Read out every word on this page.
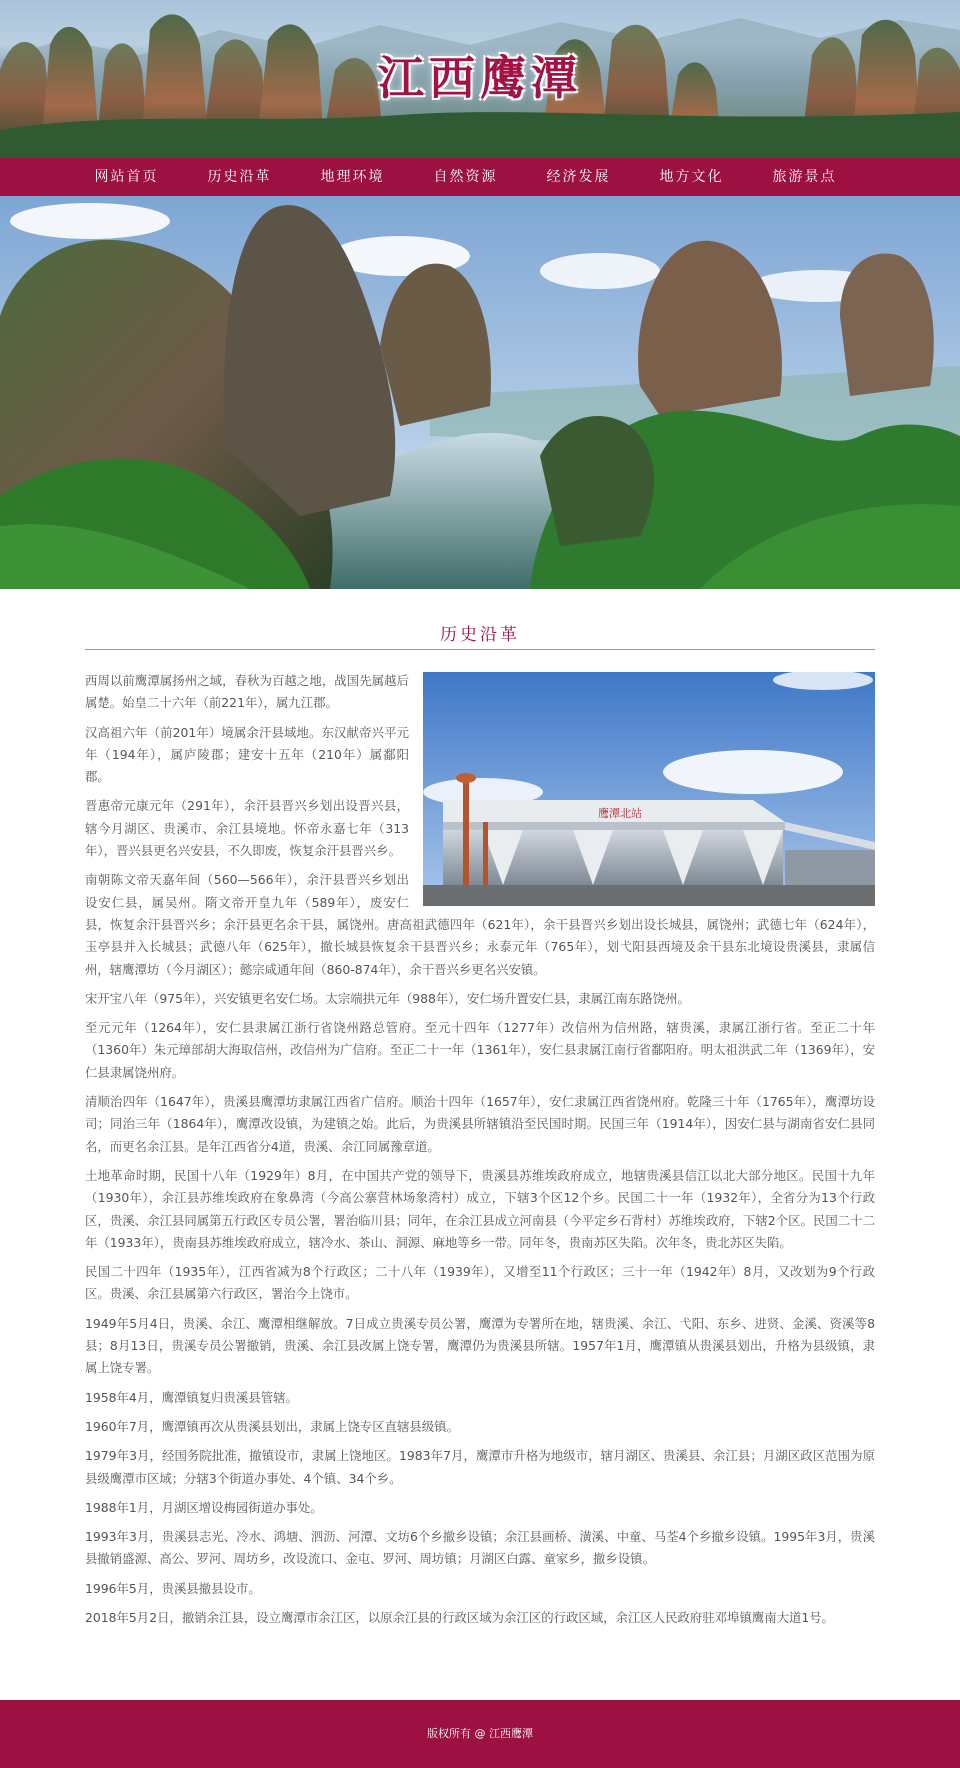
江西鹰潭
网站首页	历史沿革	地理环境	自然资源	经济发展	地方文化	旅游景点
历史沿革
鹰潭北站

西周以前鹰潭属扬州之域，春秋为百越之地，战国先属越后属楚。始皇二十六年（前221年），属九江郡。

汉高祖六年（前201年）境属余汗县域地。东汉献帝兴平元年（194年），属庐陵郡；建安十五年（210年）属鄱阳郡。

晋惠帝元康元年（291年），余汗县晋兴乡划出设晋兴县，辖今月湖区、贵溪市、余江县境地。怀帝永嘉七年（313年），晋兴县更名兴安县，不久即废，恢复余汗县晋兴乡。

南朝陈文帝天嘉年间（560—566年），余汗县晋兴乡划出设安仁县，属吴州。隋文帝开皇九年（589年），废安仁县，恢复余汗县晋兴乡；余汗县更名余干县，属饶州。唐高祖武德四年（621年），余干县晋兴乡划出设长城县，属饶州；武德七年（624年），玉亭县并入长城县；武德八年（625年），撤长城县恢复余干县晋兴乡；永泰元年（765年），划弋阳县西境及余干县东北境设贵溪县，隶属信州，辖鹰潭坊（今月湖区）；懿宗咸通年间（860-874年），余干晋兴乡更名兴安镇。

宋开宝八年（975年），兴安镇更名安仁场。太宗端拱元年（988年），安仁场升置安仁县，隶属江南东路饶州。

至元元年（1264年），安仁县隶属江浙行省饶州路总管府。至元十四年（1277年）改信州为信州路，辖贵溪，隶属江浙行省。至正二十年（1360年）朱元璋部胡大海取信州，改信州为广信府。至正二十一年（1361年），安仁县隶属江南行省鄱阳府。明太祖洪武二年（1369年），安仁县隶属饶州府。

清顺治四年（1647年），贵溪县鹰潭坊隶属江西省广信府。顺治十四年（1657年），安仁隶属江西省饶州府。乾隆三十年（1765年），鹰潭坊设司；同治三年（1864年），鹰潭改设镇，为建镇之始。此后，为贵溪县所辖镇沿至民国时期。民国三年（1914年），因安仁县与湖南省安仁县同名，而更名余江县。是年江西省分4道，贵溪、余江同属豫章道。

土地革命时期，民国十八年（1929年）8月，在中国共产党的领导下，贵溪县苏维埃政府成立，地辖贵溪县信江以北大部分地区。民国十九年（1930年），余江县苏维埃政府在象鼻湾（今高公寨营林场象湾村）成立，下辖3个区12个乡。民国二十一年（1932年），全省分为13个行政区，贵溪、余江县同属第五行政区专员公署，署治临川县；同年，在余江县成立河南县（今平定乡石背村）苏维埃政府，下辖2个区。民国二十二年（1933年），贵南县苏维埃政府成立，辖冷水、茶山、洞源、麻地等乡一带。同年冬，贵南苏区失陷。次年冬，贵北苏区失陷。

民国二十四年（1935年），江西省减为8个行政区；二十八年（1939年），又增至11个行政区；三十一年（1942年）8月，又改划为9个行政区。贵溪、余江县属第六行政区，署治今上饶市。

1949年5月4日，贵溪、余江、鹰潭相继解放。7日成立贵溪专员公署，鹰潭为专署所在地，辖贵溪、余江、弋阳、东乡、进贤、金溪、资溪等8县；8月13日，贵溪专员公署撤销，贵溪、余江县改属上饶专署，鹰潭仍为贵溪县所辖。1957年1月，鹰潭镇从贵溪县划出，升格为县级镇，隶属上饶专署。

1958年4月，鹰潭镇复归贵溪县管辖。

1960年7月，鹰潭镇再次从贵溪县划出，隶属上饶专区直辖县级镇。

1979年3月，经国务院批准，撤镇设市，隶属上饶地区。1983年7月，鹰潭市升格为地级市，辖月湖区、贵溪县、余江县；月湖区政区范围为原县级鹰潭市区域；分辖3个街道办事处、4个镇、34个乡。

1988年1月，月湖区增设梅园街道办事处。

1993年3月，贵溪县志光、冷水、鸿塘、泗沥、河潭、文坊6个乡撤乡设镇；余江县画桥、潢溪、中童、马荃4个乡撤乡设镇。1995年3月，贵溪县撤销盛源、高公、罗河、周坊乡，改设流口、金屯、罗河、周坊镇；月湖区白露、童家乡，撤乡设镇。

1996年5月，贵溪县撤县设市。

2018年5月2日，撤销余江县，设立鹰潭市余江区，以原余江县的行政区域为余江区的行政区域，余江区人民政府驻邓埠镇鹰南大道1号。

版权所有 @ 江西鹰潭
